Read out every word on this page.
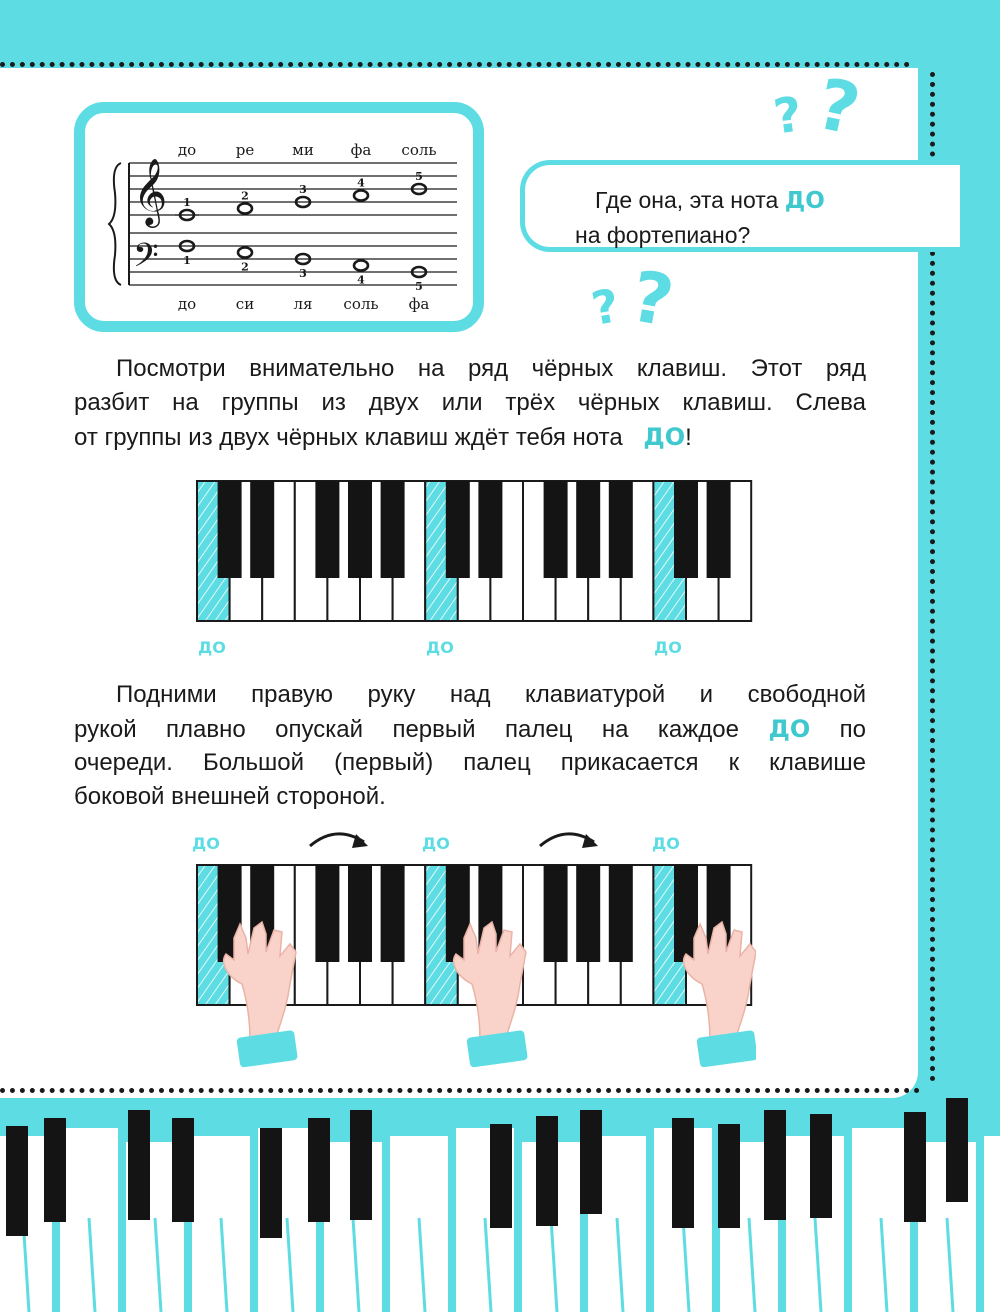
𝄞
𝄢
до
1
ре
2
ми
3
фа
4
соль
5
до
1
си
2
ля
3
соль
4
фа
5
? ?
? ?
Где она, эта нота ДО
на фортепиано?
Посмотри внимательно на ряд чёрных клавиш. Этот ряд
разбит на группы из двух или трёх чёрных клавиш. Слева
от группы из двух чёрных клавиш ждёт тебя нота ДО!
ДО	ДО	ДО
Подними правую руку над клавиатурой и свободной
рукой плавно опускай первый палец на каждое ДО по
очереди. Большой (первый) палец прикасается к клавише
боковой внешней стороной.
ДО	ДО	ДО
